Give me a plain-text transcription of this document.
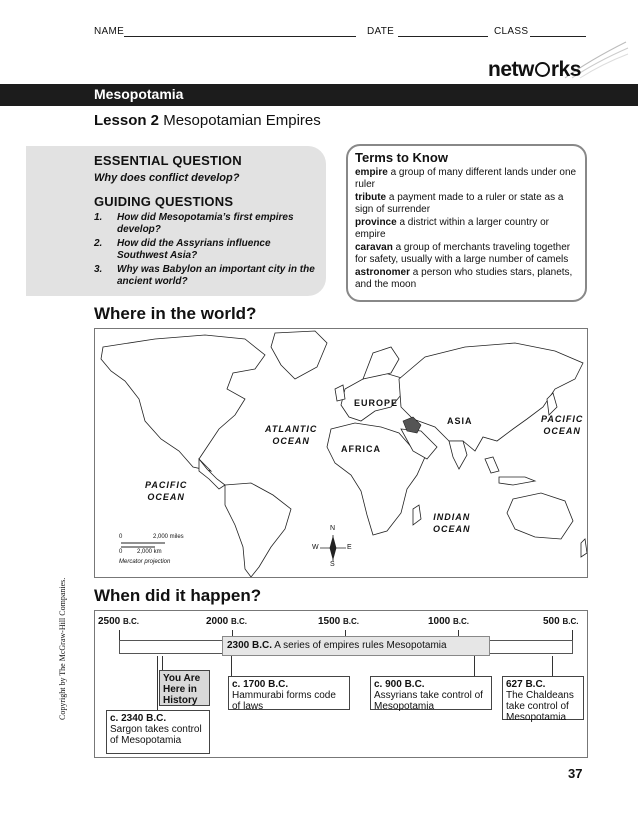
NAME	DATE	CLASS
netw rks
Mesopotamia
Lesson 2 Mesopotamian Empires
ESSENTIAL QUESTION
Why does conflict develop?
GUIDING QUESTIONS
1. How did Mesopotamia’s first empires develop?
2. How did the Assyrians influence Southwest Asia?
3. Why was Babylon an important city in the ancient world?
Terms to Know
empire a group of many different lands under one ruler
tribute a payment made to a ruler or state as a sign of surrender
province a district within a larger country or empire
caravan a group of merchants traveling together for safety, usually with a large number of camels
astronomer a person who studies stars, planets, and the moon
Where in the world?
EUROPE
ASIA
AFRICA
ATLANTIC
OCEAN
PACIFIC
OCEAN
PACIFIC
OCEAN
INDIAN
OCEAN
0	2,000 miles
0 2,000 km
Mercator projection
N
S
E
W
When did it happen?
2500 B.C.	2000 B.C.	1500 B.C.	1000 B.C.	500 B.C.
2300 B.C. A series of empires rules Mesopotamia
You Are Here in History
c. 2340 B.C.
Sargon takes control of Mesopotamia
c. 1700 B.C.
Hammurabi forms code of laws
c. 900 B.C.
Assyrians take control of Mesopotamia
627 B.C.
The Chaldeans take control of Mesopotamia
37
Copyright by The McGraw-Hill Companies.
